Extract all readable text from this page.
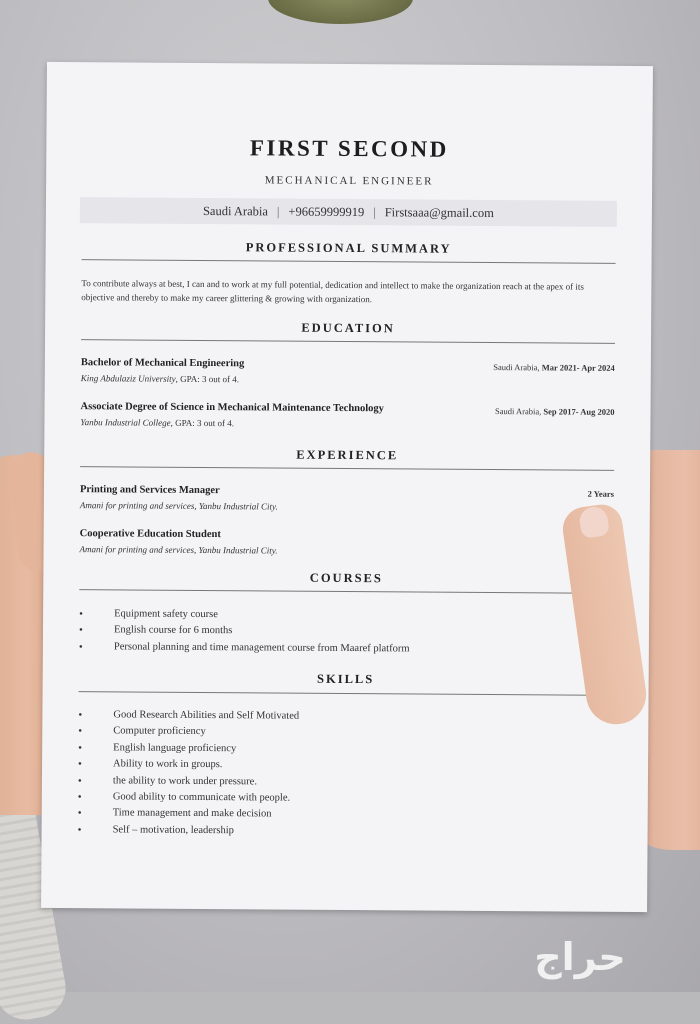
FIRST SECOND
MECHANICAL ENGINEER
Saudi Arabia | +96659999919 | Firstsaaa@gmail.com
PROFESSIONAL SUMMARY
To contribute always at best, I can and to work at my full potential, dedication and intellect to make the organization reach at the apex of its objective and thereby to make my career glittering & growing with organization.
EDUCATION
Bachelor of Mechanical Engineering	Saudi Arabia, Mar 2021- Apr 2024
King Abdulaziz University, GPA: 3 out of 4.
Associate Degree of Science in Mechanical Maintenance Technology	Saudi Arabia, Sep 2017- Aug 2020
Yanbu Industrial College, GPA: 3 out of 4.
EXPERIENCE
Printing and Services Manager	2 Years
Amani for printing and services, Yanbu Industrial City.
Cooperative Education Student
Amani for printing and services, Yanbu Industrial City.
COURSES
• Equipment safety course
• English course for 6 months
• Personal planning and time management course from Maaref platform
SKILLS
• Good Research Abilities and Self Motivated
• Computer proficiency
• English language proficiency
• Ability to work in groups.
• the ability to work under pressure.
• Good ability to communicate with people.
• Time management and make decision
• Self – motivation, leadership
حراج
